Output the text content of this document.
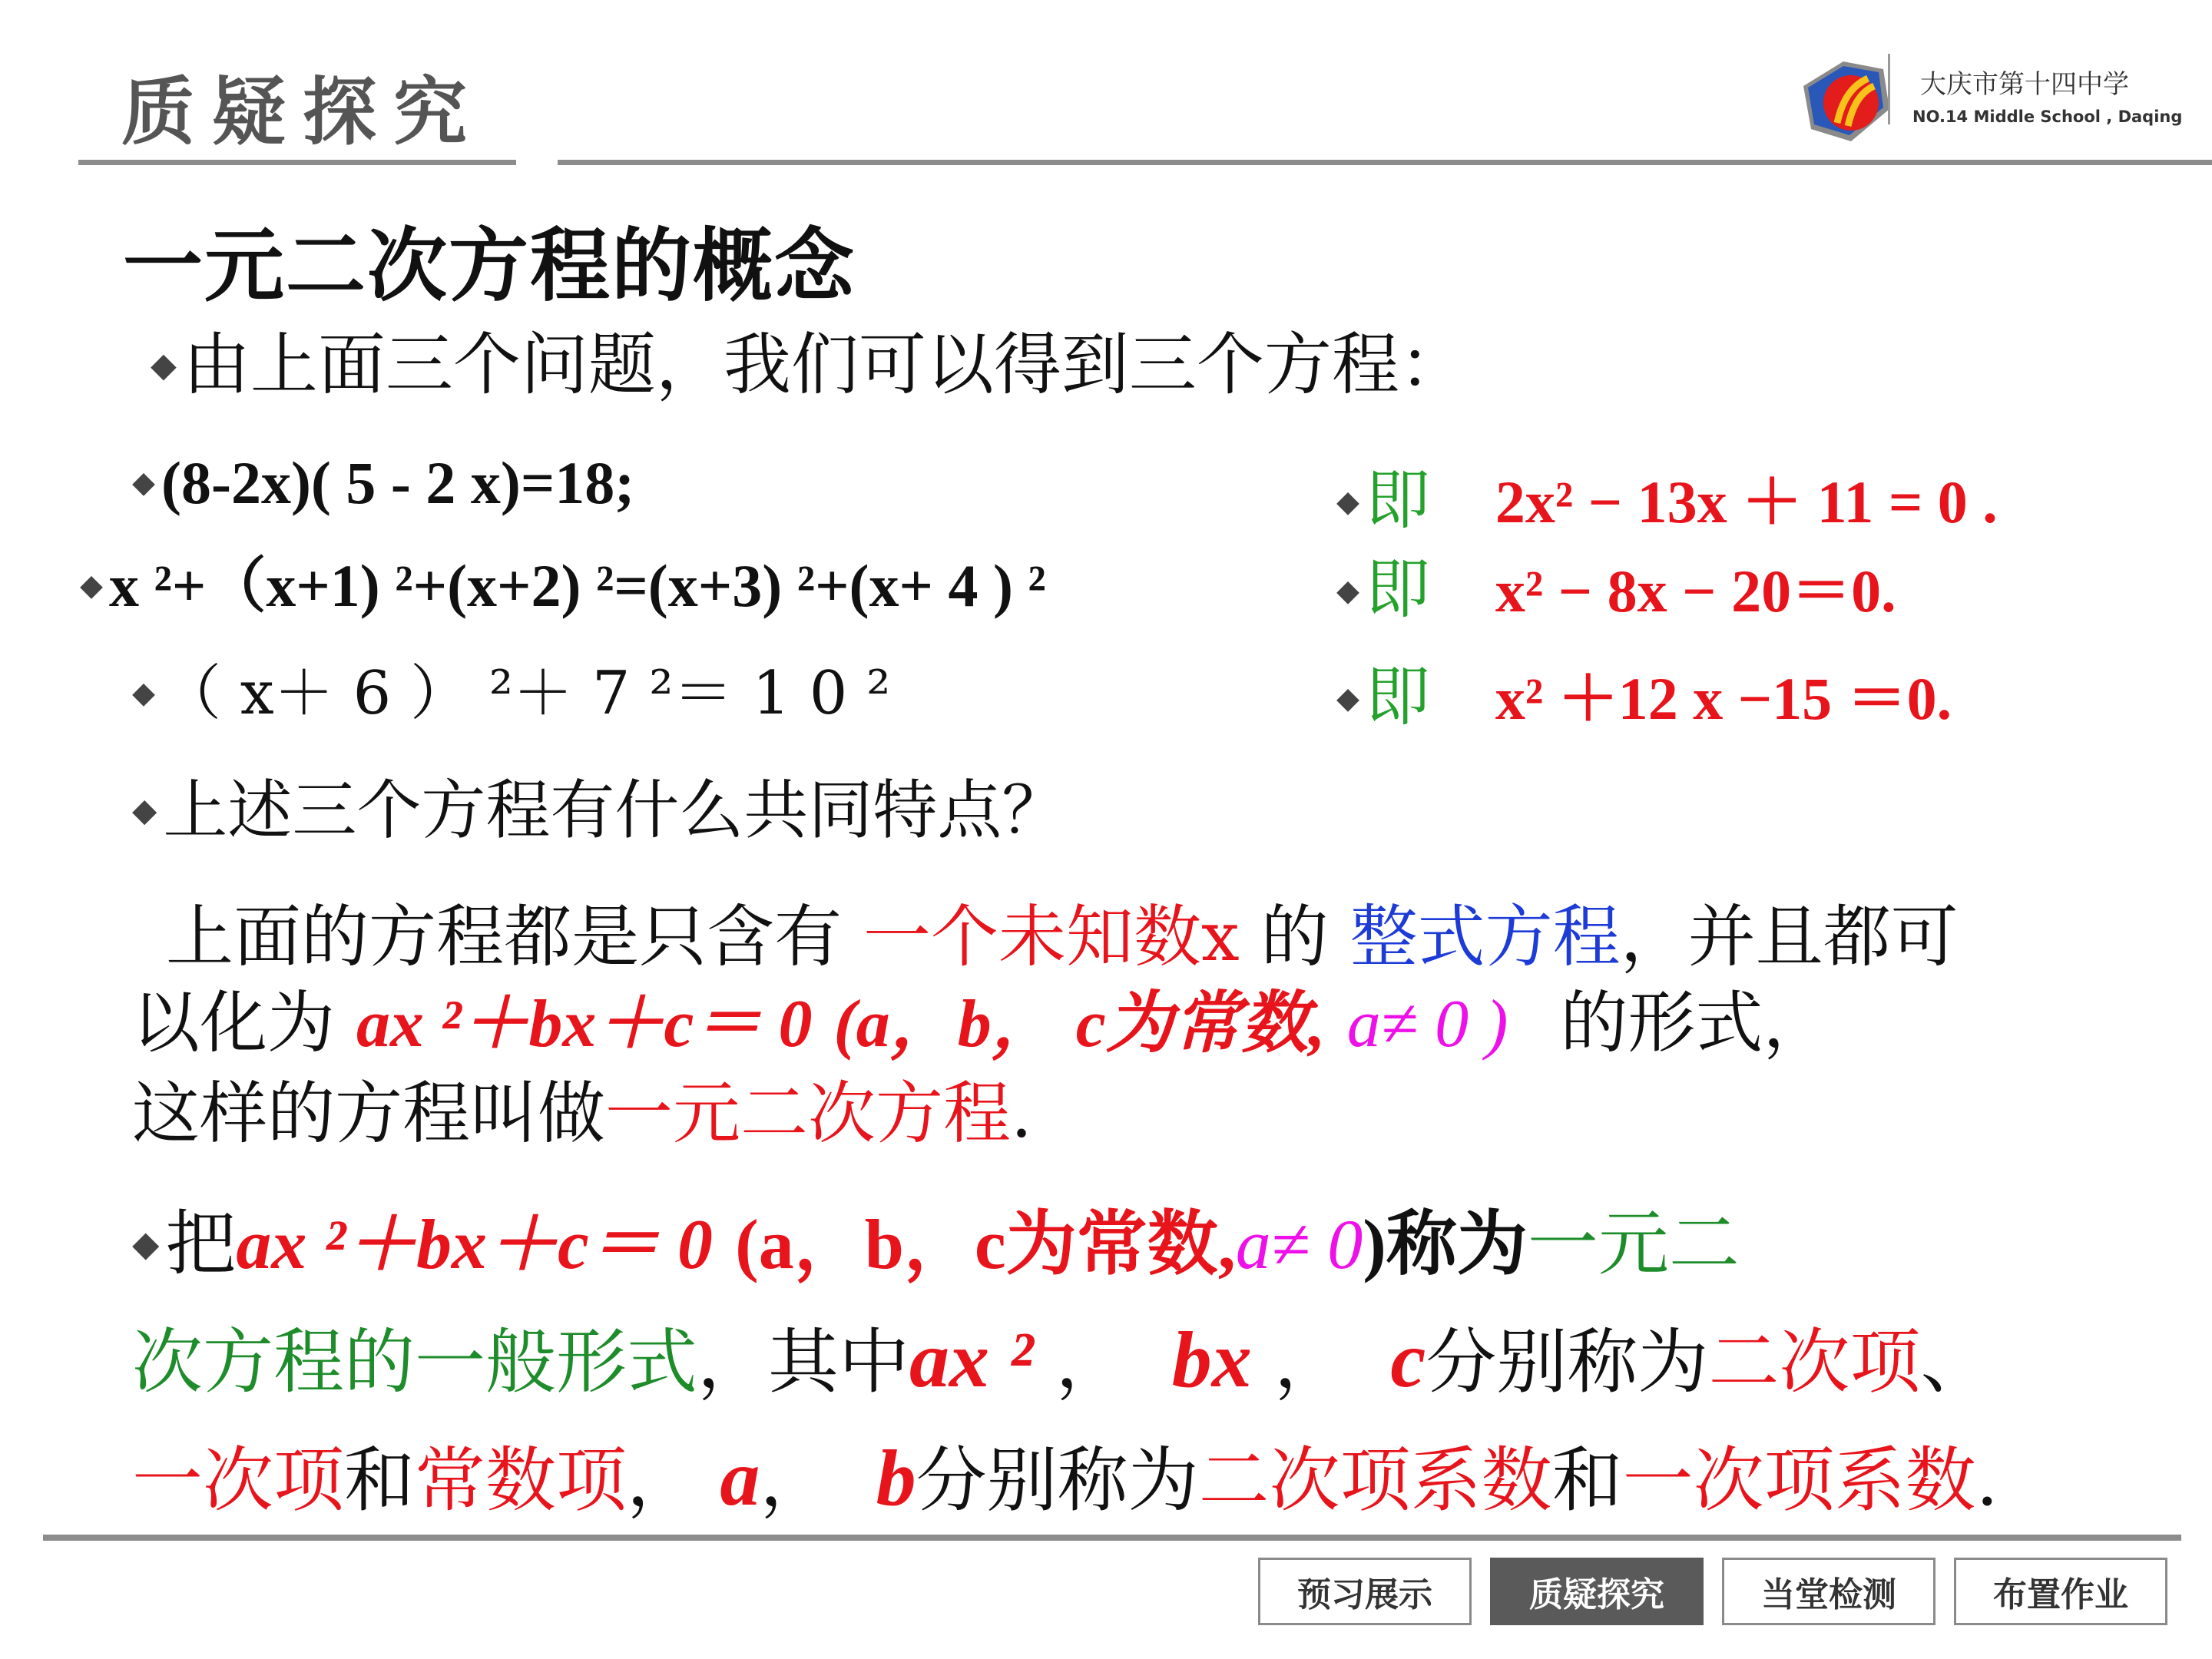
质疑探究	大庆市第十四中学
NO.14 Middle School , Daqing
一元二次方程的概念
◆由上面三个问题，我们可以得到三个方程：
◆ (8-2x)( 5 - 2 x)=18;
◆ x ²+（x+1) ²+(x+2) ²=(x+3) ²+(x+ 4 ) ²
◆ （ x＋ 6 ） ²＋ 7 ²＝ 1 0 ²
◆即 2x² − 13x ＋ 11 = 0 .
◆即 x² − 8x − 20＝0.
◆即 x² ＋12 x −15 ＝0.
◆上述三个方程有什么共同特点？
上面的方程都是只含有 一个未知数x 的 整式方程，并且都可
以化为 ax ²＋bx＋c＝ 0 (a，b， c为常数, a≠ 0 ) 的形式，
这样的方程叫做一元二次方程.
◆把ax ²＋bx＋c＝ 0 (a，b，c为常数,a≠ 0)称为一元二
次方程的一般形式，其中ax ² ， bx ， c分别称为二次项、
一次项和常数项， a， b分别称为二次项系数和一次项系数.
预习展示	质疑探究	当堂检测	布置作业
